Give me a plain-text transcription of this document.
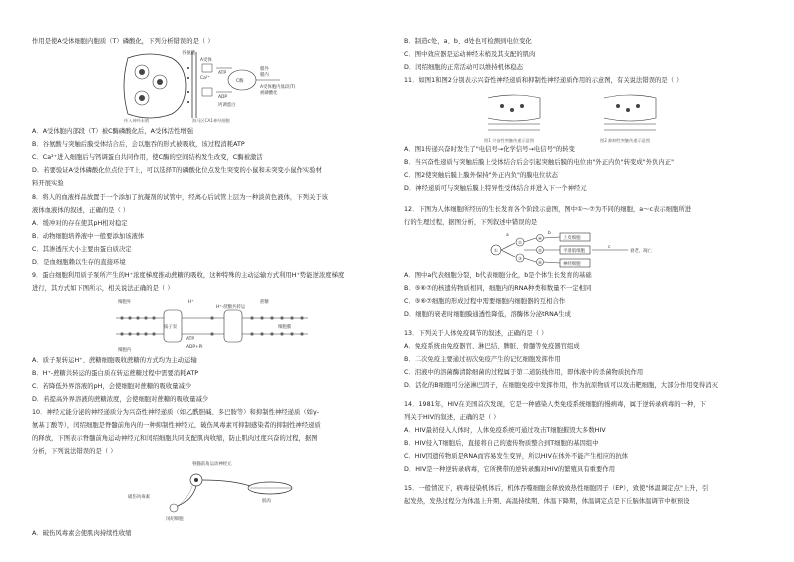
作用是使A受体细胞内胞质（T）磷酸化，下列分析错误的是（ ）
谷氨酸
A受体
Ca²⁺
ATP
C酶
ADP
钙调蛋白
膜外
膜内
A受体胞内肽段(T)
被磷酸化
传入神经末梢	海马区CA1神经细胞
A．A受体胞内部段（T）被C酶磷酸化后，A受体活性增强
B．谷氨酸与突触后膜受体结合后，会以胞吞的形式被吸收，该过程消耗ATP
C．Ca²⁺进入细胞后与钙调蛋白共同作用，使C酶的空间结构发生改变，C酶被激活
D．若要验证A受体磷酸化位点位于T上，可以选择T的磷酸化位点发生突变的小鼠和未突变小鼠作实验材
料开展实验
8．将人的血液样品放置于一个添加了抗凝剂的试管中，经离心后试管上层为一种淡黄色液体，下列关于该
液体血液体的叙述，正确的是（ ）
A．缓冲对的存在使其pH相对稳定
B．动物细胞培养液中一般要添加该液体
C．其渗透压大小主要由蛋白质决定
D．是血细胞赖以生存的直接环境
9．蛋白细胞利用质子泵所产生的H⁺浓度梯度推动蔗糖的吸收，这种特殊的主动运输方式利用H⁺势能逆浓度梯度
进行，其方式如下图所示，相关说法正确的是（ ）
细胞外	蔗糖
H⁺
质子泵
H⁺-蔗糖共转运
ATP
ADP+Pi
细胞膜
细胞内
A．质子泵转运H⁺、蔗糖细胞吸收蔗糖的方式均为主动运输
B．H⁺-蔗糖共转运的蛋白质在转运蔗糖过程中需要消耗ATP
C．若降低外界溶液的pH，会使细胞对蔗糖的吸收量减少
D．若提高外界溶液的蔗糖浓度，会使细胞对蔗糖的吸收量减少
10．神经元能分泌的神经递质分为兴奋性神经递质（如乙酰胆碱、多巴胺等）和抑制性神经递质（如γ-
氨基丁酸等），闰绍细胞是脊髓前角内的一种抑制性神经元，破伤风毒素可抑制感染者的抑制性神经递质
的释放，下图表示脊髓前角运动神经元和闰绍细胞共同支配肌肉收缩，防止肌肉过度兴奋的过程，据图
分析，下列说法错误的是（ ）
脊髓前角运动神经元
破伤风毒素
闰绍细胞
肌肉
A．破伤风毒素会使肌肉持续性收缩
B．制造c处，a、b、d处也可检测到电位变化
C．图中效应器是运动神经末梢及其支配的肌肉
D．闰绍细胞的正常活动可以维持机体稳态
11．如图1和图2分别表示兴奋性神经递质和抑制性神经递质作用的示意图，有关说法错误的是（ ）
图1 兴奋性突触传递示意图	图2 抑制性突触传递示意图
A．图1传递兴奋时发生了"电信号→化学信号→电信号"的转变
B．当兴奋性递质与突触后膜上受体结合后会引起突触后膜的电位由"外正内负"转变成"外负内正"
C．图2使突触后膜上膜外保持"外正内负"的膜电位状态
D．神经递质可与突触后膜上特异性受体结合并进入下一个神经元
12．下图为人体细胞所经历的生长发育各个阶段示意图，图中①～⑦为不同的细胞，a～c表示细胞所进
行的生理过程，据图分析，下列叙述中错误的是
①
②
③
④
⑤
⑥
a	b
c
上皮细胞
平滑肌细胞
神经细胞
衰老、凋亡
A．图中a代表细胞分裂，b代表细胞分化，b是个体生长发育的基础
B．⑤⑥⑦的核遗传物质相同，细胞内的RNA种类和数量不一定相同
C．⑤⑥⑦细胞的形成过程中需要细胞内细胞器的互相合作
D．细胞的衰老时细胞膜通透性降低，溶酶体分泌tRNA生成
13．下列关于人体免疫调节的叙述，正确的是（ ）
A．免疫系统由免疫器官、淋巴结、脾脏、骨髓等免疫器官组成
B．二次免疫主要通过初次免疫产生的记忆细胞发挥作用
C．泪液中的溶菌酶清除细菌的过程属于第二道防线作用，即体液中的杀菌物质抗作用
D．活化的B细胞可分泌淋巴因子，在细胞免疫中发挥作用，作为抗原物质可以攻击靶细胞，大部分作用变得消灭
14．1981年，HIV在美国首次发现，它是一种感染人类免疫系统细胞的慢病毒，属于逆转录病毒的一种，下
列关于HIV的叙述，正确的是（ ）
A．HIV最初侵入人体时，人体免疫系统可通过攻击T细胞摧毁大多数HIV
B．HIV侵入T细胞后，直接将自己的遗传物质整合到T细胞的基因组中
C．HIV因遗传物质是RNA而容易发生变异，所以HIV在体外不能产生相应的抗体
D．HIV是一种逆转录病毒，它所携带的逆转录酶对HIV的繁殖具有重要作用
15．一般情况下，病毒侵染机体后，机体吞噬细胞会释放致热性细胞因子（EP），致使"体温调定点"上升，引
起发热，发热过程分为体温上升期、高温持续期、体温下降期，体温调定点是下丘脑体温调节中枢预设
